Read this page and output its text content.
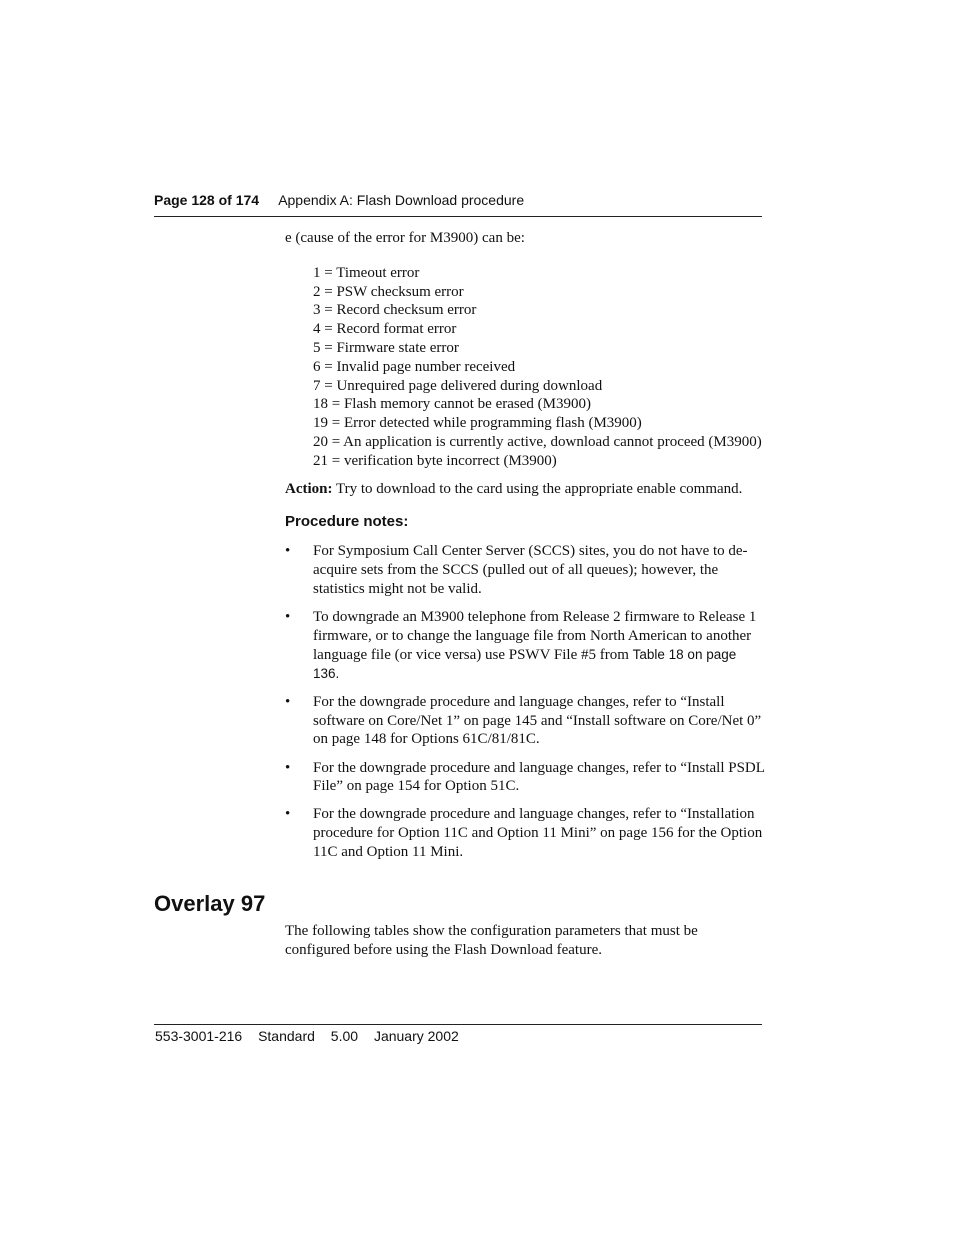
Page 128 of 174 Appendix A: Flash Download procedure

e (cause of the error for M3900) can be:

1 = Timeout error
2 = PSW checksum error
3 = Record checksum error
4 = Record format error
5 = Firmware state error
6 = Invalid page number received
7 = Unrequired page delivered during download
18 = Flash memory cannot be erased (M3900)
19 = Error detected while programming flash (M3900)
20 = An application is currently active, download cannot proceed (M3900)
21 = verification byte incorrect (M3900)

Action: Try to download to the card using the appropriate enable command.

Procedure notes:

• For Symposium Call Center Server (SCCS) sites, you do not have to de-acquire sets from the SCCS (pulled out of all queues); however, the statistics might not be valid.
• To downgrade an M3900 telephone from Release 2 firmware to Release 1 firmware, or to change the language file from North American to another language file (or vice versa) use PSWV File #5 from Table 18 on page 136.
• For the downgrade procedure and language changes, refer to “Install software on Core/Net 1” on page 145 and “Install software on Core/Net 0” on page 148 for Options 61C/81/81C.
• For the downgrade procedure and language changes, refer to “Install PSDL File” on page 154 for Option 51C.
• For the downgrade procedure and language changes, refer to “Installation procedure for Option 11C and Option 11 Mini” on page 156 for the Option 11C and Option 11 Mini.
Overlay 97

The following tables show the configuration parameters that must be configured before using the Flash Download feature.

553-3001-216 Standard 5.00 January 2002
